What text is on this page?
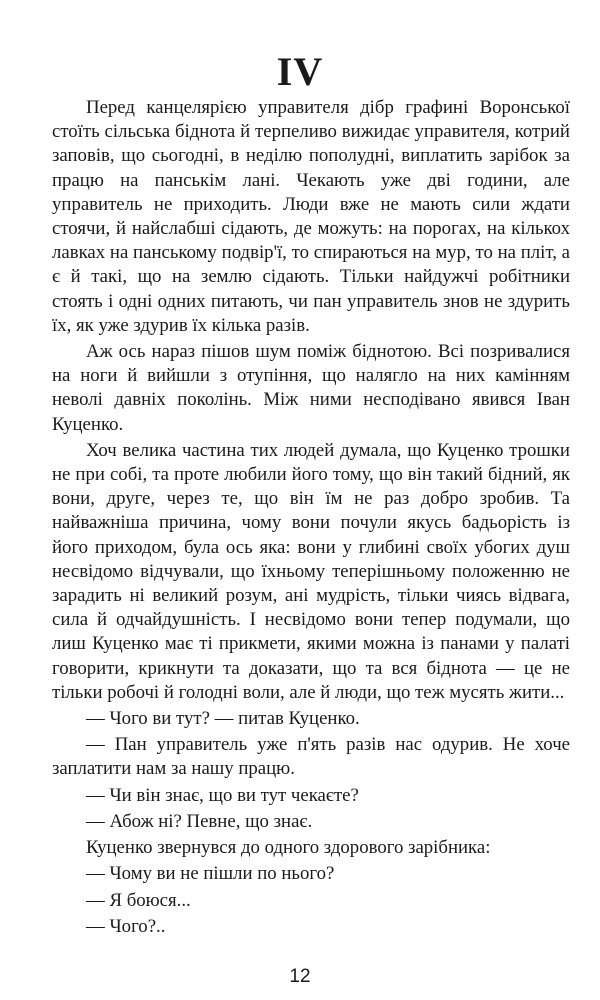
IV

Перед канцелярією управителя дібр графині Воронської стоїть сільська біднота й терпеливо вижидає управителя, котрий заповів, що сьогодні, в неділю пополудні, виплатить зарібок за працю на панськім лані. Чекають уже дві години, але управитель не приходить. Люди вже не мають сили ждати стоячи, й найслабші сідають, де можуть: на порогах, на кількох лавках на панському подвір'ї, то спираються на мур, то на пліт, а є й такі, що на землю сідають. Тільки найдужчі робітники стоять і одні одних питають, чи пан управитель знов не здурить їх, як уже здурив їх кілька разів.

Аж ось нараз пішов шум поміж біднотою. Всі позривалися на ноги й вийшли з отупіння, що налягло на них камінням неволі давніх поколінь. Між ними несподівано явився Іван Куценко.

Хоч велика частина тих людей думала, що Куценко трошки не при собі, та проте любили його тому, що він такий бідний, як вони, друге, через те, що він їм не раз добро зробив. Та найважніша причина, чому вони почули якусь бадьорість із його приходом, була ось яка: вони у глибині своїх убогих душ несвідомо відчували, що їхньому теперішньому положенню не зарадить ні великий розум, ані мудрість, тільки чиясь відвага, сила й одчайдушність. І несвідомо вони тепер подумали, що лиш Куценко має ті прикмети, якими можна із панами у палаті говорити, крикнути та доказати, що та вся біднота — це не тільки робочі й голодні воли, але й люди, що теж мусять жити...

— Чого ви тут? — питав Куценко.

— Пан управитель уже п'ять разів нас одурив. Не хоче заплатити нам за нашу працю.

— Чи він знає, що ви тут чекаєте?

— Абож ні? Певне, що знає.

Куценко звернувся до одного здорового зарібника:

— Чому ви не пішли по нього?

— Я боюся...

— Чого?..

12
